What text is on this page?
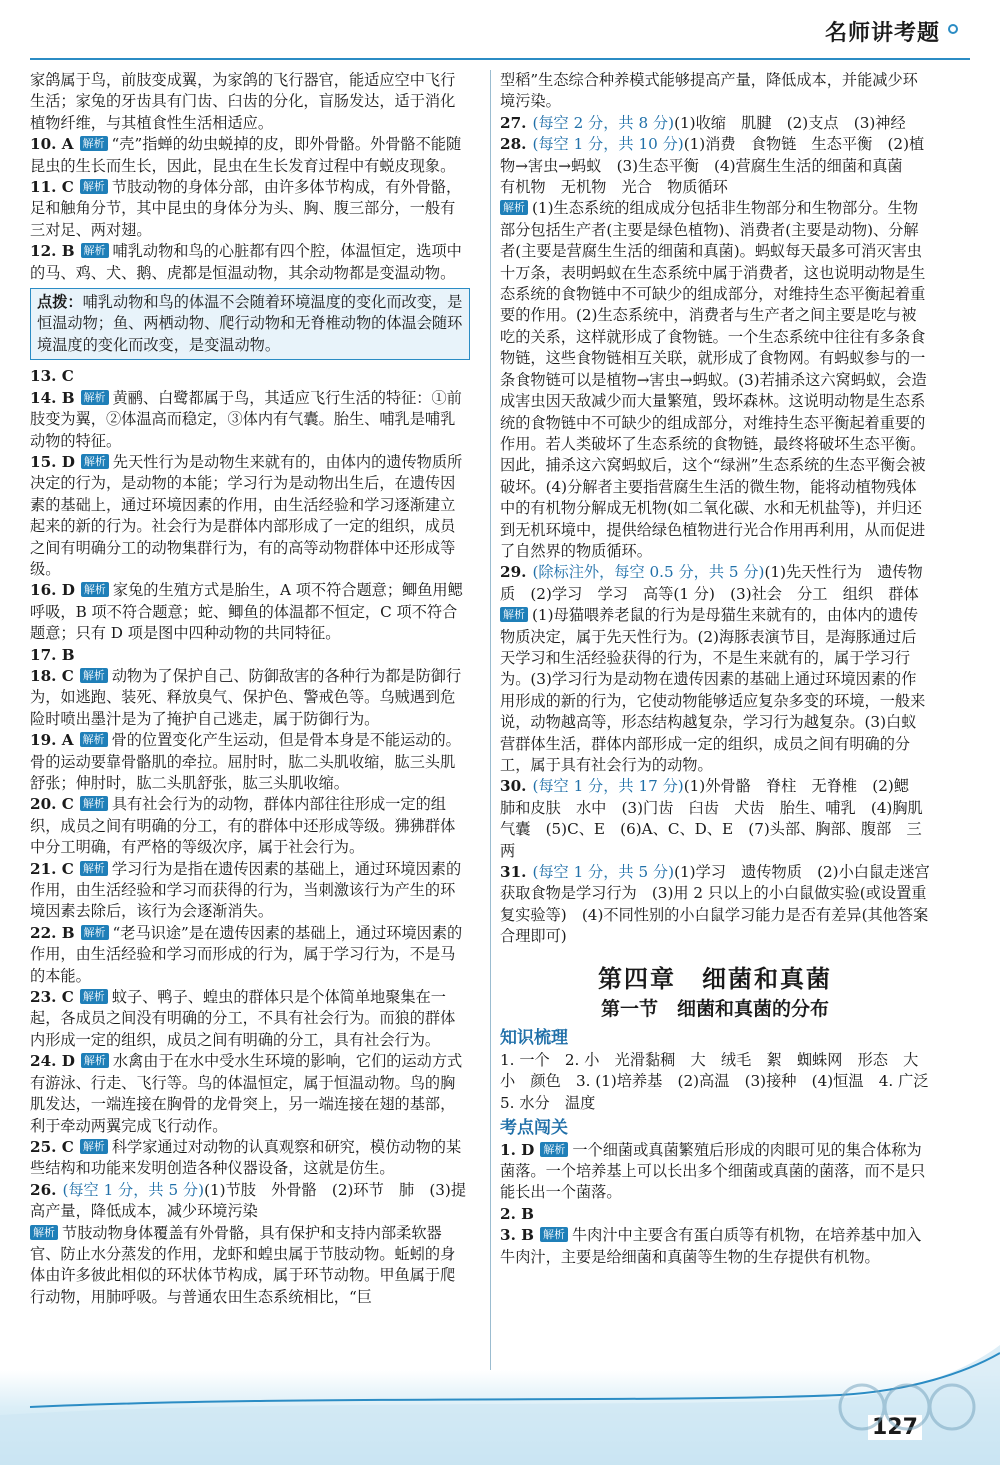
名师讲考题

家鸽属于鸟，前肢变成翼，为家鸽的飞行器官，能适应空中飞行生活；家兔的牙齿具有门齿、臼齿的分化，盲肠发达，适于消化植物纤维，与其植食性生活相适应。

10. A 解析 “壳”指蝉的幼虫蜕掉的皮，即外骨骼。外骨骼不能随昆虫的生长而生长，因此，昆虫在生长发育过程中有蜕皮现象。

11. C 解析 节肢动物的身体分部，由许多体节构成，有外骨骼，足和触角分节，其中昆虫的身体分为头、胸、腹三部分，一般有三对足、两对翅。

12. B 解析 哺乳动物和鸟的心脏都有四个腔，体温恒定，选项中的马、鸡、犬、鹅、虎都是恒温动物，其余动物都是变温动物。

点拨：哺乳动物和鸟的体温不会随着环境温度的变化而改变，是恒温动物；鱼、两栖动物、爬行动物和无脊椎动物的体温会随环境温度的变化而改变，是变温动物。

13. C

14. B 解析 黄鹂、白鹭都属于鸟，其适应飞行生活的特征：①前肢变为翼，②体温高而稳定，③体内有气囊。胎生、哺乳是哺乳动物的特征。

15. D 解析 先天性行为是动物生来就有的，由体内的遗传物质所决定的行为，是动物的本能；学习行为是动物出生后，在遗传因素的基础上，通过环境因素的作用，由生活经验和学习逐渐建立起来的新的行为。社会行为是群体内部形成了一定的组织，成员之间有明确分工的动物集群行为，有的高等动物群体中还形成等级。

16. D 解析 家兔的生殖方式是胎生，A 项不符合题意；鲫鱼用鳃呼吸，B 项不符合题意；蛇、鲫鱼的体温都不恒定，C 项不符合题意；只有 D 项是图中四种动物的共同特征。

17. B

18. C 解析 动物为了保护自己、防御敌害的各种行为都是防御行为，如逃跑、装死、释放臭气、保护色、警戒色等。乌贼遇到危险时喷出墨汁是为了掩护自己逃走，属于防御行为。

19. A 解析 骨的位置变化产生运动，但是骨本身是不能运动的。骨的运动要靠骨骼肌的牵拉。屈肘时，肱二头肌收缩，肱三头肌舒张；伸肘时，肱二头肌舒张，肱三头肌收缩。

20. C 解析 具有社会行为的动物，群体内部往往形成一定的组织，成员之间有明确的分工，有的群体中还形成等级。狒狒群体中分工明确，有严格的等级次序，属于社会行为。

21. C 解析 学习行为是指在遗传因素的基础上，通过环境因素的作用，由生活经验和学习而获得的行为，当刺激该行为产生的环境因素去除后，该行为会逐渐消失。

22. B 解析 “老马识途”是在遗传因素的基础上，通过环境因素的作用，由生活经验和学习而形成的行为，属于学习行为，不是马的本能。

23. C 解析 蚊子、鸭子、蝗虫的群体只是个体简单地聚集在一起，各成员之间没有明确的分工，不具有社会行为。而狼的群体内形成一定的组织，成员之间有明确的分工，具有社会行为。

24. D 解析 水禽由于在水中受水生环境的影响，它们的运动方式有游泳、行走、飞行等。鸟的体温恒定，属于恒温动物。鸟的胸肌发达，一端连接在胸骨的龙骨突上，另一端连接在翅的基部，利于牵动两翼完成飞行动作。

25. C 解析 科学家通过对动物的认真观察和研究，模仿动物的某些结构和功能来发明创造各种仪器设备，这就是仿生。

26. (每空 1 分，共 5 分)(1)节肢　外骨骼　(2)环节　肺　(3)提高产量，降低成本，减少环境污染

解析 节肢动物身体覆盖有外骨骼，具有保护和支持内部柔软器官、防止水分蒸发的作用，龙虾和蝗虫属于节肢动物。蚯蚓的身体由许多彼此相似的环状体节构成，属于环节动物。甲鱼属于爬行动物，用肺呼吸。与普通农田生态系统相比，“巨

型稻”生态综合种养模式能够提高产量，降低成本，并能减少环境污染。

27. (每空 2 分，共 8 分)(1)收缩　肌腱　(2)支点　(3)神经

28. (每空 1 分，共 10 分)(1)消费　食物链　生态平衡　(2)植物→害虫→蚂蚁　(3)生态平衡　(4)营腐生生活的细菌和真菌　有机物　无机物　光合　物质循环

解析 (1)生态系统的组成成分包括非生物部分和生物部分。生物部分包括生产者(主要是绿色植物)、消费者(主要是动物)、分解者(主要是营腐生生活的细菌和真菌)。蚂蚁每天最多可消灭害虫十万条，表明蚂蚁在生态系统中属于消费者，这也说明动物是生态系统的食物链中不可缺少的组成部分，对维持生态平衡起着重要的作用。(2)生态系统中，消费者与生产者之间主要是吃与被吃的关系，这样就形成了食物链。一个生态系统中往往有多条食物链，这些食物链相互关联，就形成了食物网。有蚂蚁参与的一条食物链可以是植物→害虫→蚂蚁。(3)若捕杀这六窝蚂蚁，会造成害虫因天敌减少而大量繁殖，毁坏森林。这说明动物是生态系统的食物链中不可缺少的组成部分，对维持生态平衡起着重要的作用。若人类破坏了生态系统的食物链，最终将破坏生态平衡。因此，捕杀这六窝蚂蚁后，这个“绿洲”生态系统的生态平衡会被破坏。(4)分解者主要指营腐生生活的微生物，能将动植物残体中的有机物分解成无机物(如二氧化碳、水和无机盐等)，并归还到无机环境中，提供给绿色植物进行光合作用再利用，从而促进了自然界的物质循环。

29. (除标注外，每空 0.5 分，共 5 分)(1)先天性行为　遗传物质　(2)学习　学习　高等(1 分)　(3)社会　分工　组织　群体

解析 (1)母猫喂养老鼠的行为是母猫生来就有的，由体内的遗传物质决定，属于先天性行为。(2)海豚表演节目，是海豚通过后天学习和生活经验获得的行为，不是生来就有的，属于学习行为。(3)学习行为是动物在遗传因素的基础上通过环境因素的作用形成的新的行为，它使动物能够适应复杂多变的环境，一般来说，动物越高等，形态结构越复杂，学习行为越复杂。(3)白蚁营群体生活，群体内部形成一定的组织，成员之间有明确的分工，属于具有社会行为的动物。

30. (每空 1 分，共 17 分)(1)外骨骼　脊柱　无脊椎　(2)鳃　肺和皮肤　水中　(3)门齿　臼齿　犬齿　胎生、哺乳　(4)胸肌　气囊　(5)C、E　(6)A、C、D、E　(7)头部、胸部、腹部　三　两

31. (每空 1 分，共 5 分)(1)学习　遗传物质　(2)小白鼠走迷宫获取食物是学习行为　(3)用 2 只以上的小白鼠做实验(或设置重复实验等)　(4)不同性别的小白鼠学习能力是否有差异(其他答案合理即可)

第四章　细菌和真菌
第一节　细菌和真菌的分布
知识梳理

1. 一个　2. 小　光滑黏稠　大　绒毛　絮　蜘蛛网　形态　大小　颜色　3. (1)培养基　(2)高温　(3)接种　(4)恒温　4. 广泛　5. 水分　温度

考点闯关

1. D 解析 一个细菌或真菌繁殖后形成的肉眼可见的集合体称为菌落。一个培养基上可以长出多个细菌或真菌的菌落，而不是只能长出一个菌落。

2. B

3. B 解析 牛肉汁中主要含有蛋白质等有机物，在培养基中加入牛肉汁，主要是给细菌和真菌等生物的生存提供有机物。

127
